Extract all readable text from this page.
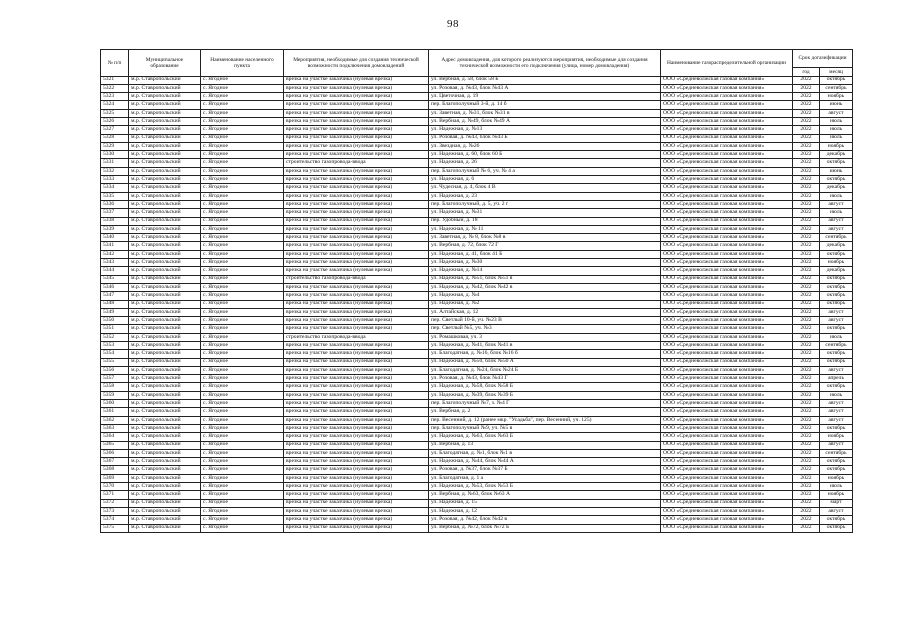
98
№ п/п	Муниципальное образование	Наименование населенного пункта	Мероприятия, необходимые для создания технической возможности подключения домовладений	Адрес домовладения, для которого реализуются мероприятия, необходимые для создания технической возможности его подключения (улица, номер домовладения)	Наименование газораспределительной организации	Срок догазификации	
						год	месяц
5321	м.р. Ставропольский	с. Ягодное	врезка на участке заказчика (нулевая врезка)	ул. Вербная, д. 58, блок 58 Б	ООО «Средневолжская газовая компания»	2022	октябрь
5322	м.р. Ставропольский	с. Ягодное	врезка на участке заказчика (нулевая врезка)	ул. Розовая, д. №43, блок №43 А	ООО «Средневолжская газовая компания»	2022	сентябрь
5323	м.р. Ставропольский	с. Ягодное	врезка на участке заказчика (нулевая врезка)	ул. Цветочная, д. 19	ООО «Средневолжская газовая компания»	2022	ноябрь
5324	м.р. Ставропольский	с. Ягодное	врезка на участке заказчика (нулевая врезка)	пер. Благополучный 3-й, д. 14 б	ООО «Средневолжская газовая компания»	2022	июнь
5325	м.р. Ставропольский	с. Ягодное	врезка на участке заказчика (нулевая врезка)	ул. Заветная, д. №31, блок №31 в	ООО «Средневолжская газовая компания»	2022	август
5326	м.р. Ставропольский	с. Ягодное	врезка на участке заказчика (нулевая врезка)	ул. Вербная, д. №49, блок №49 А	ООО «Средневолжская газовая компания»	2022	июль
5327	м.р. Ставропольский	с. Ягодное	врезка на участке заказчика (нулевая врезка)	ул. Надежная, д. №13	ООО «Средневолжская газовая компания»	2022	июль
5328	м.р. Ставропольский	с. Ягодное	врезка на участке заказчика (нулевая врезка)	ул. Розовая, д. №43, блок №43 Б	ООО «Средневолжская газовая компания»	2022	июль
5329	м.р. Ставропольский	с. Ягодное	врезка на участке заказчика (нулевая врезка)	ул. Звездная, д. №26	ООО «Средневолжская газовая компания»	2022	ноябрь
5330	м.р. Ставропольский	с. Ягодное	врезка на участке заказчика (нулевая врезка)	ул. Надежная, д. 60, блок 60 Б	ООО «Средневолжская газовая компания»	2022	декабрь
5331	м.р. Ставропольский	с. Ягодное	строительство газопровода-ввода	ул. Надежная, д. 26	ООО «Средневолжская газовая компания»	2022	октябрь
5332	м.р. Ставропольский	с. Ягодное	врезка на участке заказчика (нулевая врезка)	пер. Благополучный № 6, уч. № 4 а	ООО «Средневолжская газовая компания»	2022	июнь
5333	м.р. Ставропольский	с. Ягодное	врезка на участке заказчика (нулевая врезка)	ул. Надежная, д. 6	ООО «Средневолжская газовая компания»	2022	октябрь
5334	м.р. Ставропольский	с. Ягодное	врезка на участке заказчика (нулевая врезка)	ул. Чудесная, д. 4, блок 4 В	ООО «Средневолжская газовая компания»	2022	декабрь
5335	м.р. Ставропольский	с. Ягодное	врезка на участке заказчика (нулевая врезка)	ул. Надежная, д. 23	ООО «Средневолжская газовая компания»	2022	июль
5336	м.р. Ставропольский	с. Ягодное	врезка на участке заказчика (нулевая врезка)	пер. Благополучный, д. 5, уч. 2 г	ООО «Средневолжская газовая компания»	2022	август
5337	м.р. Ставропольский	с. Ягодное	врезка на участке заказчика (нулевая врезка)	ул. Надежная, д. №31	ООО «Средневолжская газовая компания»	2022	июль
5338	м.р. Ставропольский	с. Ягодное	врезка на участке заказчика (нулевая врезка)	пер. Удобный, д. 18	ООО «Средневолжская газовая компания»	2022	август
5339	м.р. Ставропольский	с. Ягодное	врезка на участке заказчика (нулевая врезка)	ул. Надежная, д. № 11	ООО «Средневолжская газовая компания»	2022	август
5340	м.р. Ставропольский	с. Ягодное	врезка на участке заказчика (нулевая врезка)	ул. Заветная, д. № 8, блок №8 в	ООО «Средневолжская газовая компания»	2022	сентябрь
5341	м.р. Ставропольский	с. Ягодное	врезка на участке заказчика (нулевая врезка)	ул. Вербная, д. 72, блок 72 Г	ООО «Средневолжская газовая компания»	2022	декабрь
5342	м.р. Ставропольский	с. Ягодное	врезка на участке заказчика (нулевая врезка)	ул. Надежная, д. 41, блок 41 Б	ООО «Средневолжская газовая компания»	2022	октябрь
5343	м.р. Ставропольский	с. Ягодное	врезка на участке заказчика (нулевая врезка)	ул. Надежная, д. №30	ООО «Средневолжская газовая компания»	2022	ноябрь
5344	м.р. Ставропольский	с. Ягодное	врезка на участке заказчика (нулевая врезка)	ул. Надежная, д. №14	ООО «Средневолжская газовая компания»	2022	декабрь
5345	м.р. Ставропольский	с. Ягодное	строительство газопровода-ввода	ул. Надежная, д. №51, блок №51 в	ООО «Средневолжская газовая компания»	2022	октябрь
5346	м.р. Ставропольский	с. Ягодное	врезка на участке заказчика (нулевая врезка)	ул. Надежная, д. №42, блок №42 в	ООО «Средневолжская газовая компания»	2022	октябрь
5347	м.р. Ставропольский	с. Ягодное	врезка на участке заказчика (нулевая врезка)	ул. Надежная, д. №4	ООО «Средневолжская газовая компания»	2022	октябрь
5348	м.р. Ставропольский	с. Ягодное	врезка на участке заказчика (нулевая врезка)	ул. Надежная, д. №2	ООО «Средневолжская газовая компания»	2022	октябрь
5349	м.р. Ставропольский	с. Ягодное	врезка на участке заказчика (нулевая врезка)	ул. Алтайская, д. 12	ООО «Средневолжская газовая компания»	2022	август
5350	м.р. Ставропольский	с. Ягодное	врезка на участке заказчика (нулевая врезка)	пер. Светлый 10-й, уч. №23 В	ООО «Средневолжская газовая компания»	2022	август
5351	м.р. Ставропольский	с. Ягодное	врезка на участке заказчика (нулевая врезка)	пер. Светлый №5, уч. №3	ООО «Средневолжская газовая компания»	2022	октябрь
5352	м.р. Ставропольский	с. Ягодное	строительство газопровода-ввода	ул. Ромашковая, уч. 3	ООО «Средневолжская газовая компания»	2022	июль
5353	м.р. Ставропольский	с. Ягодное	врезка на участке заказчика (нулевая врезка)	ул. Надежная, д. №41, блок №41 в	ООО «Средневолжская газовая компания»	2022	сентябрь
5354	м.р. Ставропольский	с. Ягодное	врезка на участке заказчика (нулевая врезка)	ул. Благодатная, д. №16, блок №16 б	ООО «Средневолжская газовая компания»	2022	октябрь
5355	м.р. Ставропольский	с. Ягодное	врезка на участке заказчика (нулевая врезка)	ул. Надежная, д. №50, блок №50 А	ООО «Средневолжская газовая компания»	2022	октябрь
5356	м.р. Ставропольский	с. Ягодное	врезка на участке заказчика (нулевая врезка)	ул. Благодатная, д. №24, блок №24 Б	ООО «Средневолжская газовая компания»	2022	август
5357	м.р. Ставропольский	с. Ягодное	врезка на участке заказчика (нулевая врезка)	ул. Розовая, д. №43, блок №43 Г	ООО «Средневолжская газовая компания»	2022	апрель
5358	м.р. Ставропольский	с. Ягодное	врезка на участке заказчика (нулевая врезка)	ул. Надежная, д. №58, блок №58 Б	ООО «Средневолжская газовая компания»	2022	октябрь
5359	м.р. Ставропольский	с. Ягодное	врезка на участке заказчика (нулевая врезка)	ул. Надежная, д. №39, блок №39 Б	ООО «Средневолжская газовая компания»	2022	июль
5360	м.р. Ставропольский	с. Ягодное	врезка на участке заказчика (нулевая врезка)	пер. Благополучный №7, з. №4 Г	ООО «Средневолжская газовая компания»	2022	август
5361	м.р. Ставропольский	с. Ягодное	врезка на участке заказчика (нулевая врезка)	ул. Вербная, д. 2	ООО «Средневолжская газовая компания»	2022	август
5362	м.р. Ставропольский	с. Ягодное	врезка на участке заказчика (нулевая врезка)	пер. Весенний, д. 12 (ранее мкр. "Усадьба", пер. Весенний, уч. 125)	ООО «Средневолжская газовая компания»	2022	август
5363	м.р. Ставропольский	с. Ягодное	врезка на участке заказчика (нулевая врезка)	пер. Благополучный №9, уч. №5 в	ООО «Средневолжская газовая компания»	2022	октябрь
5364	м.р. Ставропольский	с. Ягодное	врезка на участке заказчика (нулевая врезка)	ул. Надежная, д. №63, блок №63 Б	ООО «Средневолжская газовая компания»	2022	ноябрь
5365	м.р. Ставропольский	с. Ягодное	врезка на участке заказчика (нулевая врезка)	ул. Вербная, д. 13	ООО «Средневолжская газовая компания»	2022	август
5366	м.р. Ставропольский	с. Ягодное	врезка на участке заказчика (нулевая врезка)	ул. Благодатная, д. №1, блок №1 в	ООО «Средневолжская газовая компания»	2022	сентябрь
5367	м.р. Ставропольский	с. Ягодное	врезка на участке заказчика (нулевая врезка)	ул. Надежная, д. №44, блок №44 А	ООО «Средневолжская газовая компания»	2022	октябрь
5368	м.р. Ставропольский	с. Ягодное	врезка на участке заказчика (нулевая врезка)	ул. Розовая, д. №37, блок №37 Б	ООО «Средневолжская газовая компания»	2022	октябрь
5369	м.р. Ставропольский	с. Ягодное	врезка на участке заказчика (нулевая врезка)	ул. Благодатная, д. 1 а	ООО «Средневолжская газовая компания»	2022	ноябрь
5370	м.р. Ставропольский	с. Ягодное	врезка на участке заказчика (нулевая врезка)	ул. Надежная, д. №53, блок №53 Б	ООО «Средневолжская газовая компания»	2022	июль
5371	м.р. Ставропольский	с. Ягодное	врезка на участке заказчика (нулевая врезка)	ул. Вербная, д. №63, блок №63 А	ООО «Средневолжская газовая компания»	2022	ноябрь
5372	м.р. Ставропольский	с. Ягодное	врезка на участке заказчика (нулевая врезка)	ул. Надежная, д. 15	ООО «Средневолжская газовая компания»	2022	март
5373	м.р. Ставропольский	с. Ягодное	врезка на участке заказчика (нулевая врезка)	ул. Надежная, д. 12	ООО «Средневолжская газовая компания»	2022	август
5374	м.р. Ставропольский	с. Ягодное	врезка на участке заказчика (нулевая врезка)	ул. Розовая, д. №42, блок №42 в	ООО «Средневолжская газовая компания»	2022	октябрь
5375	м.р. Ставропольский	с. Ягодное	врезка на участке заказчика (нулевая врезка)	ул. Вербная, д. №72, блок №72 Б	ООО «Средневолжская газовая компания»	2022	октябрь
